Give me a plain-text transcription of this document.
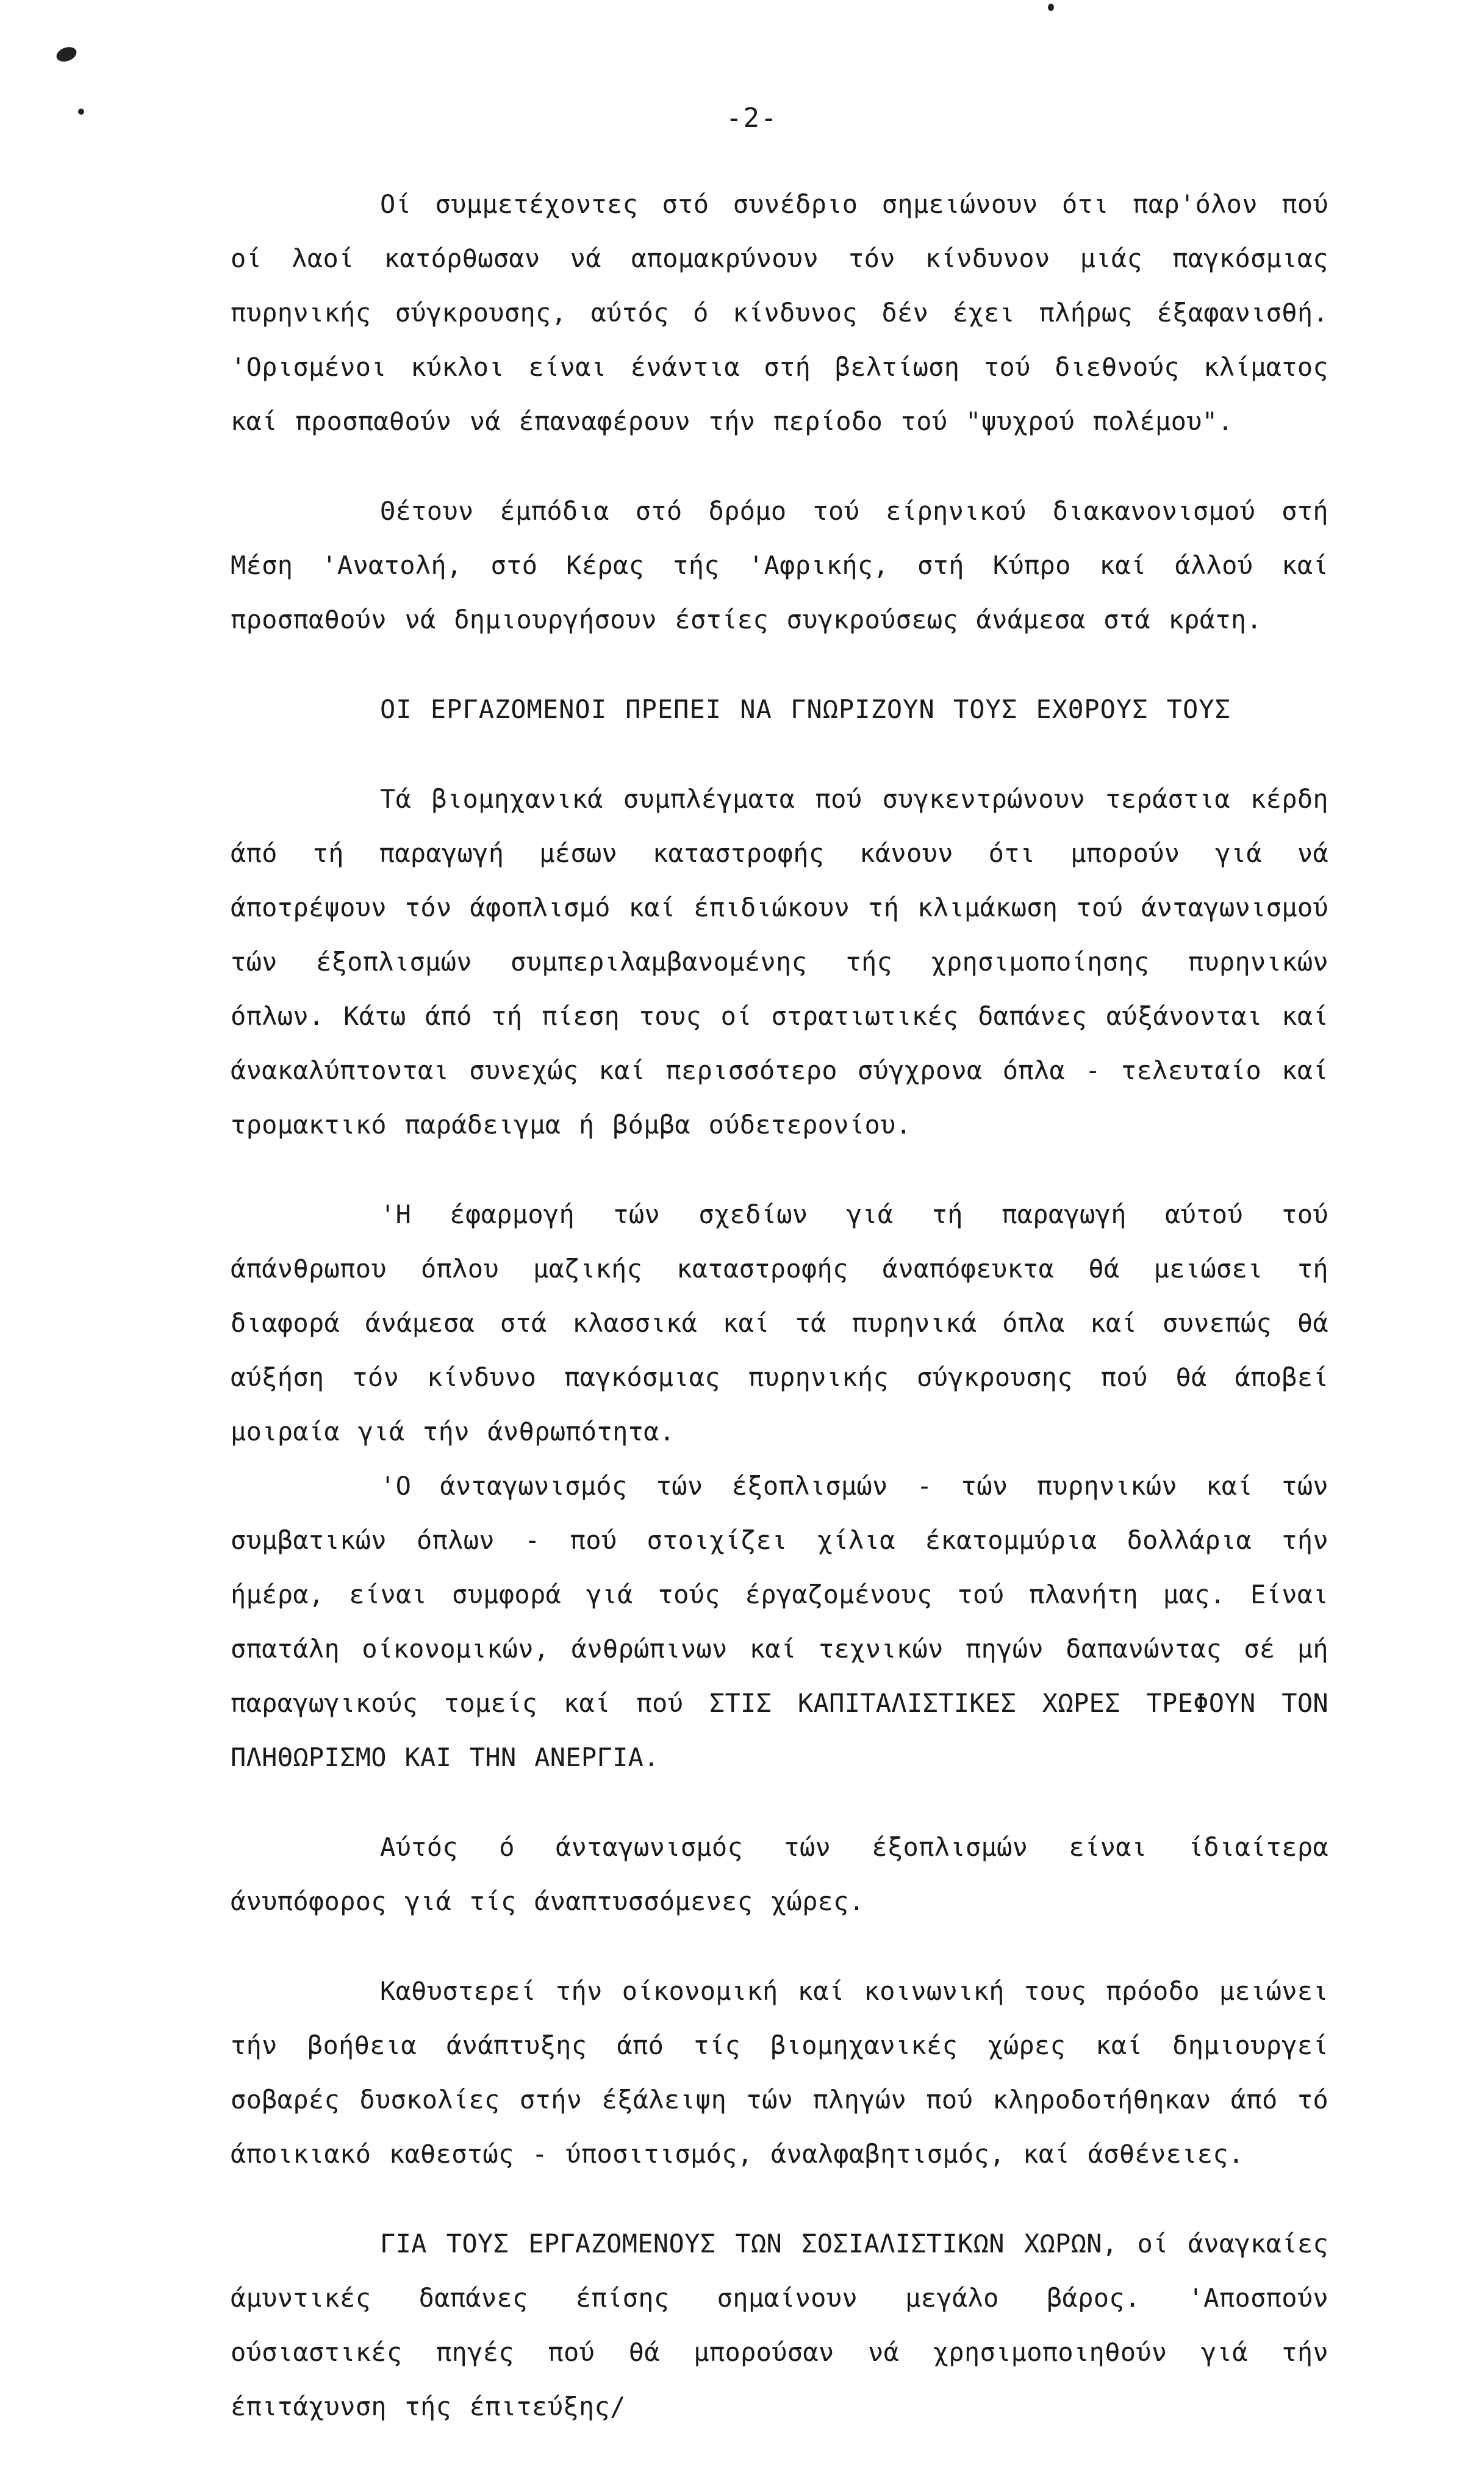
-2-

Οί συμμετέχοντες στό συνέδριο σημειώνουν ότι παρ'όλον πού οί λαοί κατόρθωσαν νά απομακρύνουν τόν κίνδυνον μιάς παγκόσμιας πυρηνικής σύγκρουσης, αύτός ό κίνδυνος δέν έχει πλήρως έξαφανισθή. 'Ορισμένοι κύκλοι είναι ένάντια στή βελτίωση τού διεθνούς κλίματος καί προσπαθούν νά έπαναφέρουν τήν περίοδο τού "ψυχρού πολέμου".

Θέτουν έμπόδια στό δρόμο τού είρηνικού διακανονισμού στή Μέση 'Ανατολή, στό Κέρας τής 'Αφρικής, στή Κύπρο καί άλλού καί προσπαθούν νά δημιουργήσουν έστίες συγκρούσεως άνάμεσα στά κράτη.

ΟΙ ΕΡΓΑΖΟΜΕΝΟΙ ΠΡΕΠΕΙ ΝΑ ΓΝΩΡΙΖΟΥΝ ΤΟΥΣ ΕΧΘΡΟΥΣ ΤΟΥΣ

Τά βιομηχανικά συμπλέγματα πού συγκεντρώνουν τεράστια κέρδη άπό τή παραγωγή μέσων καταστροφής κάνουν ότι μπορούν γιά νά άποτρέψουν τόν άφοπλισμό καί έπιδιώκουν τή κλιμάκωση τού άνταγωνισμού τών έξοπλισμών συμπεριλαμβανομένης τής χρησιμοποίησης πυρηνικών όπλων. Κάτω άπό τή πίεση τους οί στρατιωτικές δαπάνες αύξάνονται καί άνακαλύπτονται συνεχώς καί περισσότερο σύγχρονα όπλα - τελευταίο καί τρομακτικό παράδειγμα ή βόμβα ούδετερονίου.

'Η έφαρμογή τών σχεδίων γιά τή παραγωγή αύτού τού άπάνθρωπου όπλου μαζικής καταστροφής άναπόφευκτα θά μειώσει τή διαφορά άνάμεσα στά κλασσικά καί τά πυρηνικά όπλα καί συνεπώς θά αύξήση τόν κίνδυνο παγκόσμιας πυρηνικής σύγκρουσης πού θά άποβεί μοιραία γιά τήν άνθρωπότητα.

'Ο άνταγωνισμός τών έξοπλισμών - τών πυρηνικών καί τών συμβατικών όπλων - πού στοιχίζει χίλια έκατομμύρια δολλάρια τήν ήμέρα, είναι συμφορά γιά τούς έργαζομένους τού πλανήτη μας. Είναι σπατάλη οίκονομικών, άνθρώπινων καί τεχνικών πηγών δαπανώντας σέ μή παραγωγικούς τομείς καί πού ΣΤΙΣ ΚΑΠΙΤΑΛΙΣΤΙΚΕΣ ΧΩΡΕΣ ΤΡΕΦΟΥΝ ΤΟΝ ΠΛΗΘΩΡΙΣΜΟ ΚΑΙ ΤΗΝ ΑΝΕΡΓΙΑ.

Αύτός ό άνταγωνισμός τών έξοπλισμών είναι ίδιαίτερα άνυπόφορος γιά τίς άναπτυσσόμενες χώρες.

Καθυστερεί τήν οίκονομική καί κοινωνική τους πρόοδο μειώνει τήν βοήθεια άνάπτυξης άπό τίς βιομηχανικές χώρες καί δημιουργεί σοβαρές δυσκολίες στήν έξάλειψη τών πληγών πού κληροδοτήθηκαν άπό τό άποικιακό καθεστώς - ύποσιτισμός, άναλφαβητισμός, καί άσθένειες.

ΓΙΑ ΤΟΥΣ ΕΡΓΑΖΟΜΕΝΟΥΣ ΤΩΝ ΣΟΣΙΑΛΙΣΤΙΚΩΝ ΧΩΡΩΝ, οί άναγκαίες άμυντικές δαπάνες έπίσης σημαίνουν μεγάλο βάρος. 'Αποσπούν ούσιαστικές πηγές πού θά μπορούσαν νά χρησιμοποιηθούν γιά τήν έπιτάχυνση τής έπιτεύξης/
